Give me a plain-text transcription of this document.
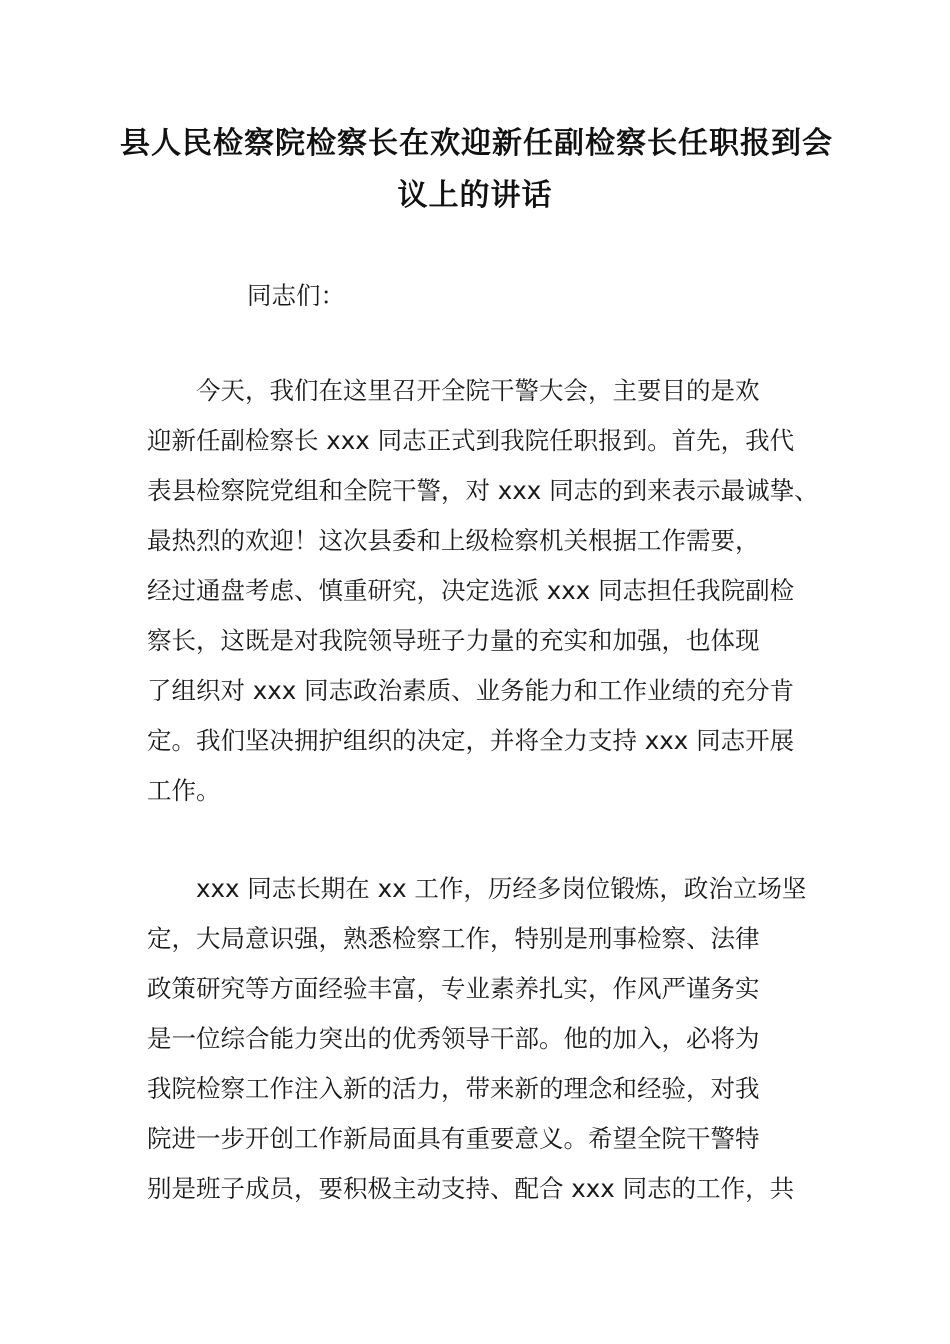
县人民检察院检察长在欢迎新任副检察长任职报到会
议上的讲话
同志们：
今天，我们在这里召开全院干警大会，主要目的是欢
迎新任副检察长 xxx 同志正式到我院任职报到。首先，我代
表县检察院党组和全院干警，对 xxx 同志的到来表示最诚挚、
最热烈的欢迎！这次县委和上级检察机关根据工作需要，
经过通盘考虑、慎重研究，决定选派 xxx 同志担任我院副检
察长，这既是对我院领导班子力量的充实和加强，也体现
了组织对 xxx 同志政治素质、业务能力和工作业绩的充分肯
定。我们坚决拥护组织的决定，并将全力支持 xxx 同志开展
工作。
xxx 同志长期在 xx 工作，历经多岗位锻炼，政治立场坚
定，大局意识强，熟悉检察工作，特别是刑事检察、法律
政策研究等方面经验丰富，专业素养扎实，作风严谨务实
是一位综合能力突出的优秀领导干部。他的加入，必将为
我院检察工作注入新的活力，带来新的理念和经验，对我
院进一步开创工作新局面具有重要意义。希望全院干警特
别是班子成员，要积极主动支持、配合 xxx 同志的工作，共
